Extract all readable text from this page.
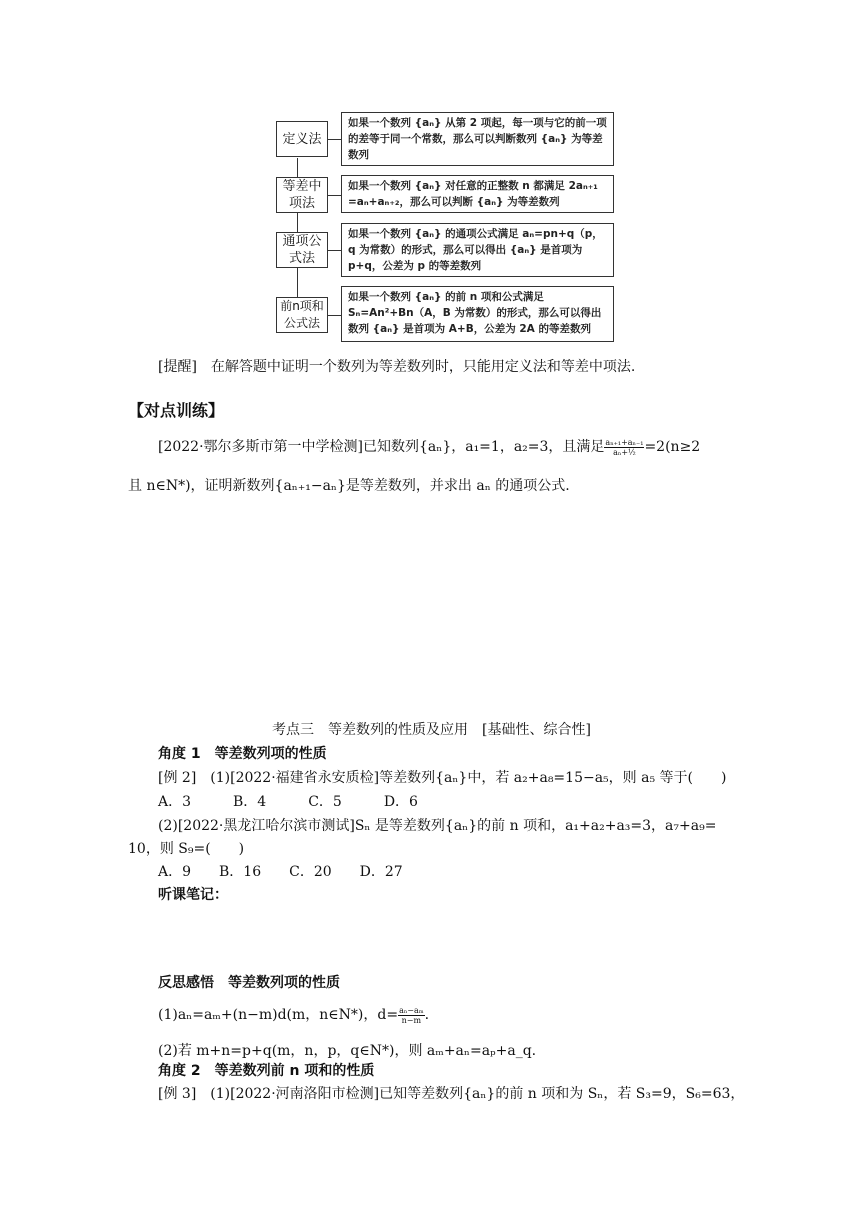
定义法
如果一个数列 {aₙ} 从第 2 项起，每一项与它的前一项的差等于同一个常数，那么可以判断数列 {aₙ} 为等差数列
等差中项法
如果一个数列 {aₙ} 对任意的正整数 n 都满足 2aₙ₊₁ =aₙ+aₙ₊₂，那么可以判断 {aₙ} 为等差数列
通项公式法
如果一个数列 {aₙ} 的通项公式满足 aₙ=pn+q（p，q 为常数）的形式，那么可以得出 {aₙ} 是首项为 p+q，公差为 p 的等差数列
前n项和公式法
如果一个数列 {aₙ} 的前 n 项和公式满足 Sₙ=An²+Bn（A，B 为常数）的形式，那么可以得出数列 {aₙ} 是首项为 A+B，公差为 2A 的等差数列
[提醒]　在解答题中证明一个数列为等差数列时，只能用定义法和等差中项法.
【对点训练】
[2022·鄂尔多斯市第一中学检测]已知数列{aₙ}，a₁=1，a₂=3，且满足 $\frac{\text{aₙ₊₁+aₙ₋₁}}{\text{aₙ+½}} =2(n\ge 2$
且 n∈N*)，证明新数列{aₙ₊₁−aₙ}是等差数列，并求出 aₙ 的通项公式.
考点三　等差数列的性质及应用　[基础性、综合性]
角度 1　等差数列项的性质
[例 2]　(1)[2022·福建省永安质检]等差数列{aₙ}中，若 a₂+a₈=15−a₅，则 a₅ 等于(　　)
A．3　　　B．4　　　C．5　　　D．6
(2)[2022·黑龙江哈尔滨市测试]Sₙ 是等差数列{aₙ}的前 n 项和，a₁+a₂+a₃=3，a₇+a₉=
10，则 S₉=(　　)
A．9　　B．16　　C．20　　D．27
听课笔记：
反思感悟　等差数列项的性质
(1)aₙ=aₘ+(n−m)d(m，n∈N*)，$d= \frac{\text{aₙ−aₘ}}{n-m}$ .
(2)若 m+n=p+q(m，n，p，q∈N*)，则 aₘ+aₙ=aₚ+a_q.
角度 2　等差数列前 n 项和的性质
[例 3]　(1)[2022·河南洛阳市检测]已知等差数列{aₙ}的前 n 项和为 Sₙ，若 S₃=9，S₆=63，
